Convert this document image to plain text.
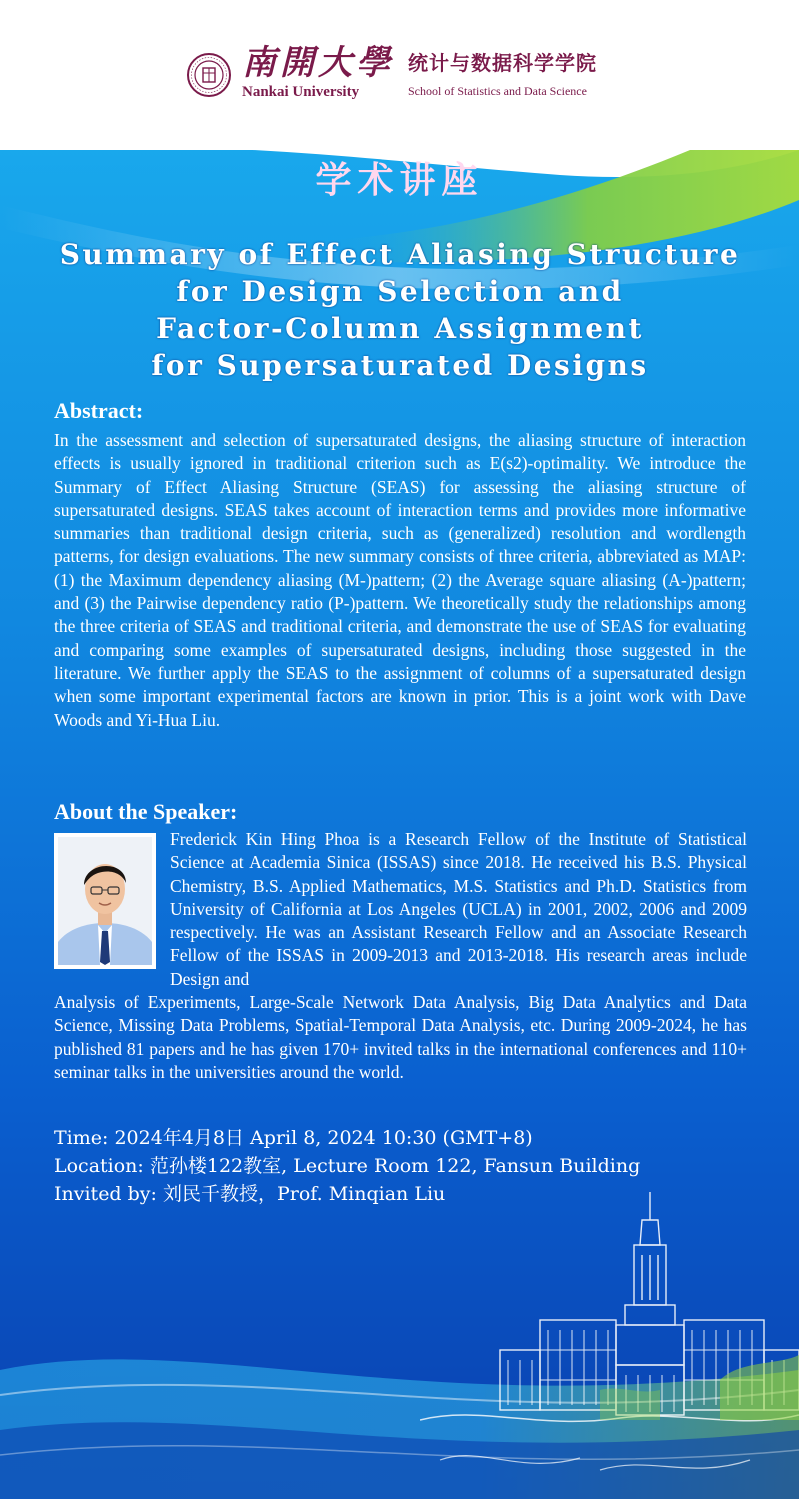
南開大學
Nankai University
统计与数据科学学院
School of Statistics and Data Science
学术讲座
Summary of Effect Aliasing Structure
for Design Selection and
Factor-Column Assignment
for Supersaturated Designs
Abstract:
In the assessment and selection of supersaturated designs, the aliasing structure of interaction effects is usually ignored in traditional criterion such as E(s2)-optimality. We introduce the Summary of Effect Aliasing Structure (SEAS) for assessing the aliasing structure of supersaturated designs. SEAS takes account of interaction terms and provides more informative summaries than traditional design criteria, such as (generalized) resolution and wordlength patterns, for design evaluations. The new summary consists of three criteria, abbreviated as MAP: (1) the Maximum dependency aliasing (M-)pattern; (2) the Average square aliasing (A-)pattern; and (3) the Pairwise dependency ratio (P-)pattern. We theoretically study the relationships among the three criteria of SEAS and traditional criteria, and demonstrate the use of SEAS for evaluating and comparing some examples of supersaturated designs, including those suggested in the literature. We further apply the SEAS to the assignment of columns of a supersaturated design when some important experimental factors are known in prior. This is a joint work with Dave Woods and Yi-Hua Liu.
About the Speaker:
Frederick Kin Hing Phoa is a Research Fellow of the Institute of Statistical Science at Academia Sinica (ISSAS) since 2018. He received his B.S. Physical Chemistry, B.S. Applied Mathematics, M.S. Statistics and Ph.D. Statistics from University of California at Los Angeles (UCLA) in 2001, 2002, 2006 and 2009 respectively. He was an Assistant Research Fellow and an Associate Research Fellow of the ISSAS in 2009-2013 and 2013-2018. His research areas include Design and
Analysis of Experiments, Large-Scale Network Data Analysis, Big Data Analytics and Data Science, Missing Data Problems, Spatial-Temporal Data Analysis, etc. During 2009-2024, he has published 81 papers and he has given 170+ invited talks in the international conferences and 110+ seminar talks in the universities around the world.
Time: 2024年4月8日 April 8, 2024 10:30 (GMT+8)
Location: 范孙楼122教室, Lecture Room 122, Fansun Building
Invited by: 刘民千教授，Prof. Minqian Liu
